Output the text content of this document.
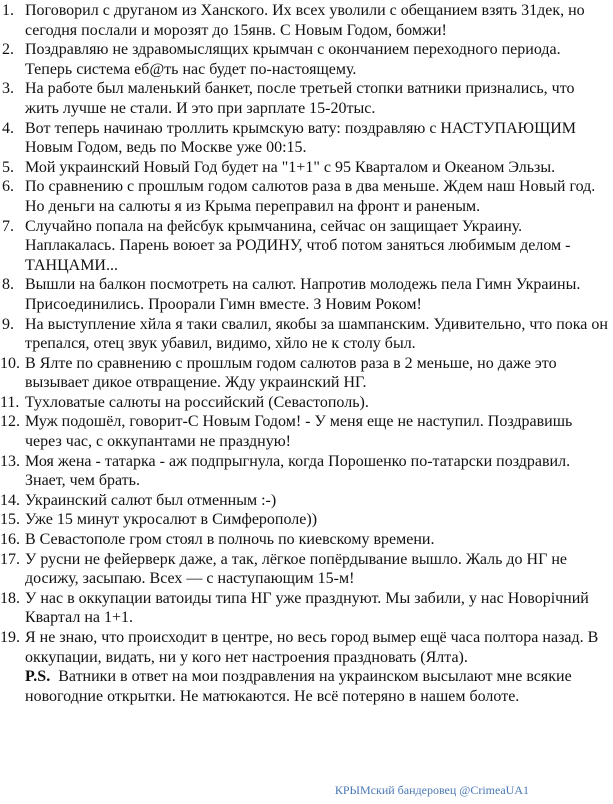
1. Поговорил с друганом из Ханского. Их всех уволили с обещанием взять 31дек, но сегодня послали и морозят до 15янв. С Новым Годом, бомжи!
2. Поздравляю не здравомыслящих крымчан с окончанием переходного периода. Теперь система еб@ть нас будет по-настоящему.
3. На работе был маленький банкет, после третьей стопки ватники признались, что жить лучше не стали. И это при зарплате 15-20тыс.
4. Вот теперь начинаю троллить крымскую вату: поздравляю с НАСТУПАЮЩИМ Новым Годом, ведь по Москве уже 00:15.
5. Мой украинский Новый Год будет на "1+1" с 95 Кварталом и Океаном Эльзы.
6. По сравнению с прошлым годом салютов раза в два меньше. Ждем наш Новый год. Но деньги на салюты я из Крыма переправил на фронт и раненым.
7. Случайно попала на фейсбук крымчанина, сейчас он защищает Украину. Наплакалась. Парень воюет за РОДИНУ, чтоб потом заняться любимым делом - ТАНЦАМИ...
8. Вышли на балкон посмотреть на салют. Напротив молодежь пела Гимн Украины. Присоединились. Проорали Гимн вместе. З Новим Роком!
9. На выступление хйла я таки свалил, якобы за шампанским. Удивительно, что пока он трепался, отец звук убавил, видимо, хйло не к столу был.
10. В Ялте по сравнению с прошлым годом салютов раза в 2 меньше, но даже это вызывает дикое отвращение. Жду украинский НГ.
11. Тухловатые салюты на российский (Севастополь).
12. Муж подошёл, говорит-С Новым Годом! - У меня еще не наступил. Поздравишь через час, с оккупантами не праздную!
13. Моя жена - татарка - аж подпрыгнула, когда Порошенко по-татарски поздравил. Знает, чем брать.
14. Украинский салют был отменным :-)
15. Уже 15 минут укросалют в Симферополе))
16. В Севастополе гром стоял в полночь по киевскому времени.
17. У русни не фейерверк даже, а так, лёгкое попёрдывание вышло. Жаль до НГ не досижу, засыпаю. Всех — с наступающим 15-м!
18. У нас в оккупации ватоиды типа НГ уже празднуют. Мы забили, у нас Новорічний Квартал на 1+1.
19. Я не знаю, что происходит в центре, но весь город вымер ещё часа полтора назад. В оккупации, видать, ни у кого нет настроения праздновать (Ялта).

P.S. Ватники в ответ на мои поздравления на украинском высылают мне всякие новогодние открытки. Не матюкаются. Не всё потеряно в нашем болоте.

КРЫМский бандеровец @CrimeaUA1
